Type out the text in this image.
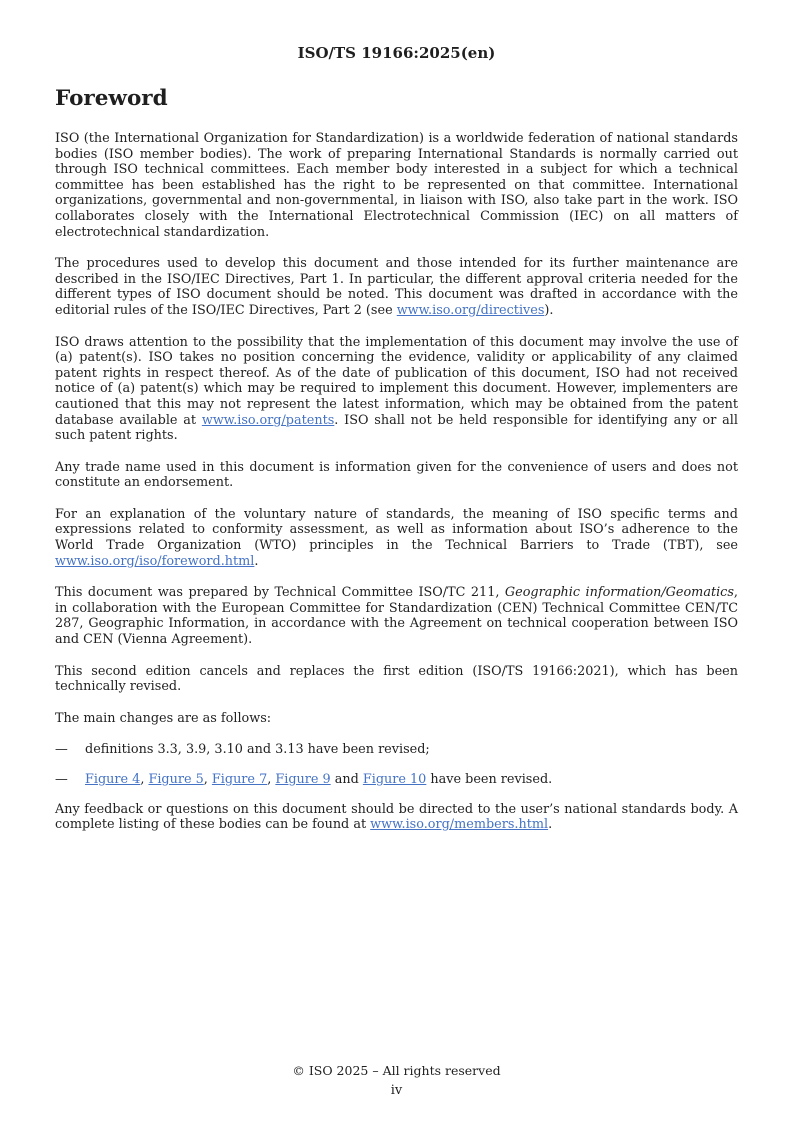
ISO/TS 19166:2025(en)
Foreword

ISO (the International Organization for Standardization) is a worldwide federation of national standards bodies (ISO member bodies). The work of preparing International Standards is normally carried out through ISO technical committees. Each member body interested in a subject for which a technical committee has been established has the right to be represented on that committee. International organizations, governmental and non-governmental, in liaison with ISO, also take part in the work. ISO collaborates closely with the International Electrotechnical Commission (IEC) on all matters of electrotechnical standardization.

The procedures used to develop this document and those intended for its further maintenance are described in the ISO/IEC Directives, Part 1. In particular, the different approval criteria needed for the different types of ISO document should be noted. This document was drafted in accordance with the editorial rules of the ISO/IEC Directives, Part 2 (see www.iso.org/directives).

ISO draws attention to the possibility that the implementation of this document may involve the use of (a) patent(s). ISO takes no position concerning the evidence, validity or applicability of any claimed patent rights in respect thereof. As of the date of publication of this document, ISO had not received notice of (a) patent(s) which may be required to implement this document. However, implementers are cautioned that this may not represent the latest information, which may be obtained from the patent database available at www.iso.org/patents. ISO shall not be held responsible for identifying any or all such patent rights.

Any trade name used in this document is information given for the convenience of users and does not constitute an endorsement.

For an explanation of the voluntary nature of standards, the meaning of ISO specific terms and expressions related to conformity assessment, as well as information about ISO’s adherence to the World Trade Organization (WTO) principles in the Technical Barriers to Trade (TBT), see www.iso.org/iso/foreword.html.

This document was prepared by Technical Committee ISO/TC 211, Geographic information/Geomatics, in collaboration with the European Committee for Standardization (CEN) Technical Committee CEN/TC 287, Geographic Information, in accordance with the Agreement on technical cooperation between ISO and CEN (Vienna Agreement).

This second edition cancels and replaces the first edition (ISO/TS 19166:2021), which has been technically revised.

The main changes are as follows:

—	definitions 3.3, 3.9, 3.10 and 3.13 have been revised;
—	Figure 4, Figure 5, Figure 7, Figure 9 and Figure 10 have been revised.

Any feedback or questions on this document should be directed to the user’s national standards body. A complete listing of these bodies can be found at www.iso.org/members.html.

© ISO 2025 – All rights reserved
iv
